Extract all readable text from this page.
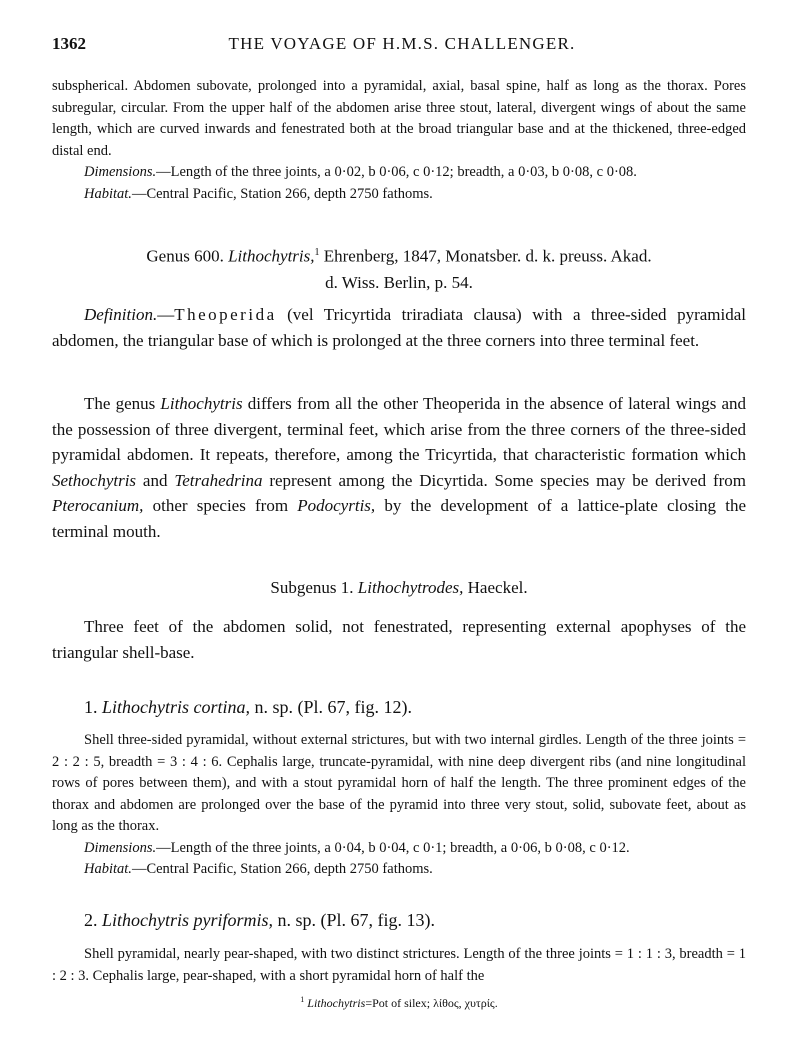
1362	THE VOYAGE OF H.M.S. CHALLENGER.
subspherical. Abdomen subovate, prolonged into a pyramidal, axial, basal spine, half as long as the thorax. Pores subregular, circular. From the upper half of the abdomen arise three stout, lateral, divergent wings of about the same length, which are curved inwards and fenestrated both at the broad triangular base and at the thickened, three-edged distal end.
Dimensions.—Length of the three joints, a 0·02, b 0·06, c 0·12; breadth, a 0·03, b 0·08, c 0·08.
Habitat.—Central Pacific, Station 266, depth 2750 fathoms.
Genus 600. Lithochytris,$^1$ Ehrenberg, 1847, Monatsber. d. k. preuss. Akad.
d. Wiss. Berlin, p. 54.
Definition.—Theoperida (vel Tricyrtida triradiata clausa) with a three-sided pyramidal abdomen, the triangular base of which is prolonged at the three corners into three terminal feet.
The genus Lithochytris differs from all the other Theoperida in the absence of lateral wings and the possession of three divergent, terminal feet, which arise from the three corners of the three-sided pyramidal abdomen. It repeats, therefore, among the Tricyrtida, that characteristic formation which Sethochytris and Tetrahedrina represent among the Dicyrtida. Some species may be derived from Pterocanium, other species from Podocyrtis, by the development of a lattice-plate closing the terminal mouth.
Subgenus 1. Lithochytrodes, Haeckel.
Three feet of the abdomen solid, not fenestrated, representing external apophyses of the triangular shell-base.
1. Lithochytris cortina, n. sp. (Pl. 67, fig. 12).
Shell three-sided pyramidal, without external strictures, but with two internal girdles. Length of the three joints = 2 : 2 : 5, breadth = 3 : 4 : 6. Cephalis large, truncate-pyramidal, with nine deep divergent ribs (and nine longitudinal rows of pores between them), and with a stout pyramidal horn of half the length. The three prominent edges of the thorax and abdomen are prolonged over the base of the pyramid into three very stout, solid, subovate feet, about as long as the thorax.
Dimensions.—Length of the three joints, a 0·04, b 0·04, c 0·1; breadth, a 0·06, b 0·08, c 0·12.
Habitat.—Central Pacific, Station 266, depth 2750 fathoms.
2. Lithochytris pyriformis, n. sp. (Pl. 67, fig. 13).
Shell pyramidal, nearly pear-shaped, with two distinct strictures. Length of the three joints = 1 : 1 : 3, breadth = 1 : 2 : 3. Cephalis large, pear-shaped, with a short pyramidal horn of half the
$^1$ Lithochytris=Pot of silex; λίθος, χυτρίς.
